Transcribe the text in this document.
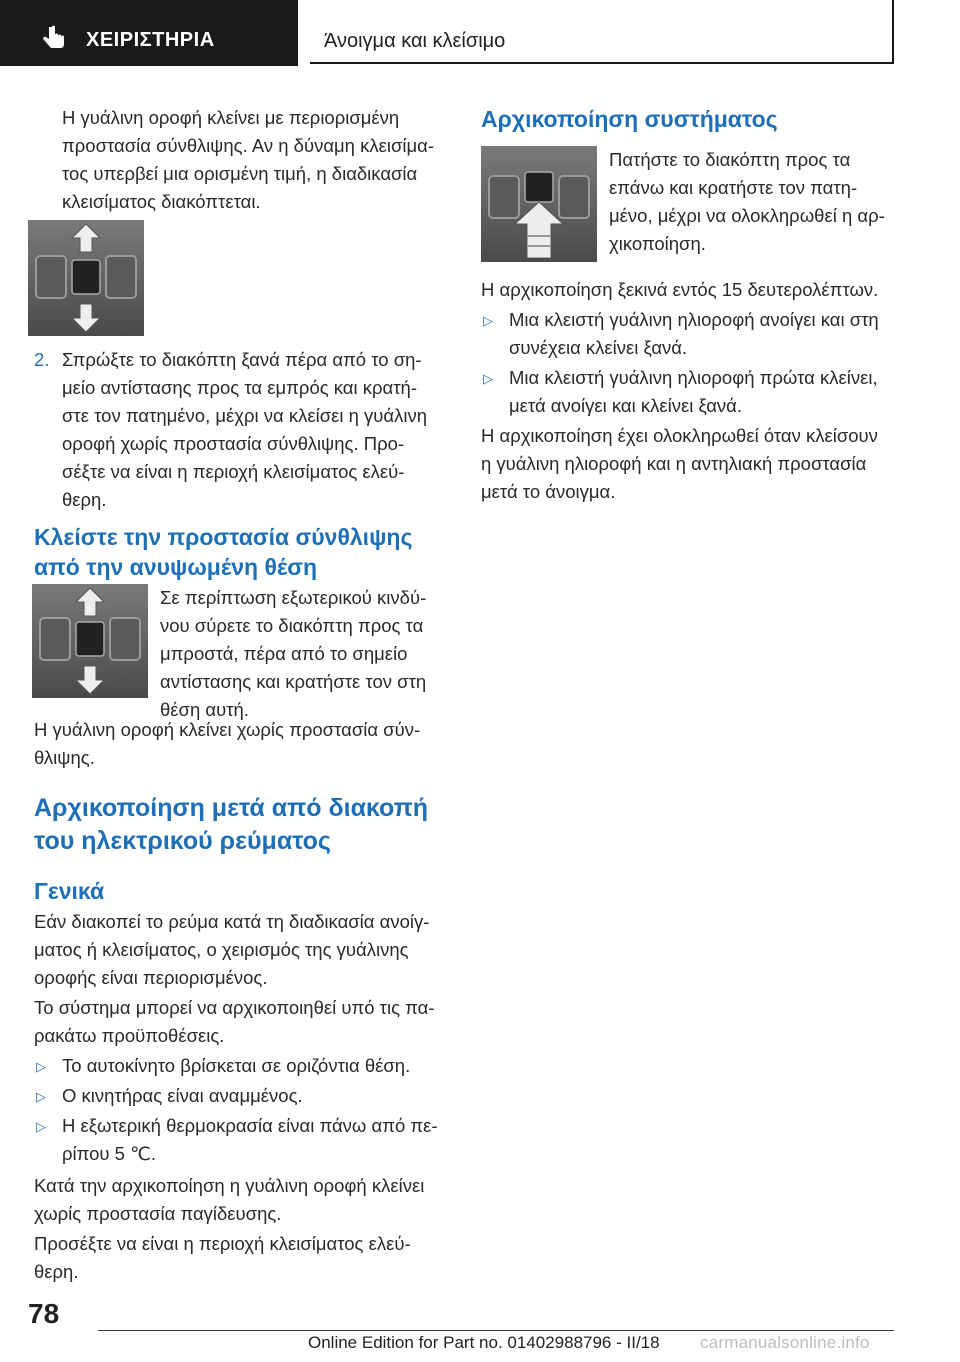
ΧΕΙΡΙΣΤΗΡΙΑ	Άνοιγμα και κλείσιμο

Η γυάλινη οροφή κλείνει με περιορισμένη

προστασία σύνθλιψης. Αν η δύναμη κλεισίμα-

τος υπερβεί μια ορισμένη τιμή, η διαδικασία

κλεισίματος διακόπτεται.

2. Σπρώξτε το διακόπτη ξανά πέρα από το ση-

μείο αντίστασης προς τα εμπρός και κρατή-

στε τον πατημένο, μέχρι να κλείσει η γυάλινη

οροφή χωρίς προστασία σύνθλιψης. Προ-

σέξτε να είναι η περιοχή κλεισίματος ελεύ-

θερη.

Κλείστε την προστασία σύνθλιψης

από την ανυψωμένη θέση

Σε περίπτωση εξωτερικού κινδύ-

νου σύρετε το διακόπτη προς τα

μπροστά, πέρα από το σημείο

αντίστασης και κρατήστε τον στη

θέση αυτή.

Η γυάλινη οροφή κλείνει χωρίς προστασία σύν-

θλιψης.

Αρχικοποίηση μετά από διακοπή

του ηλεκτρικού ρεύματος

Γενικά

Εάν διακοπεί το ρεύμα κατά τη διαδικασία ανοίγ-

ματος ή κλεισίματος, ο χειρισμός της γυάλινης

οροφής είναι περιορισμένος.

Το σύστημα μπορεί να αρχικοποιηθεί υπό τις πα-

ρακάτω προϋποθέσεις.

▷ Το αυτοκίνητο βρίσκεται σε οριζόντια θέση.

▷ Ο κινητήρας είναι αναμμένος.

▷ Η εξωτερική θερμοκρασία είναι πάνω από πε-

ρίπου 5 ℃.

Κατά την αρχικοποίηση η γυάλινη οροφή κλείνει

χωρίς προστασία παγίδευσης.

Προσέξτε να είναι η περιοχή κλεισίματος ελεύ-

θερη.

Αρχικοποίηση συστήματος

Πατήστε το διακόπτη προς τα

επάνω και κρατήστε τον πατη-

μένο, μέχρι να ολοκληρωθεί η αρ-

χικοποίηση.

Η αρχικοποίηση ξεκινά εντός 15 δευτερολέπτων.
▷ Μια κλειστή γυάλινη ηλιοροφή ανοίγει και στη

συνέχεια κλείνει ξανά.

▷ Μια κλειστή γυάλινη ηλιοροφή πρώτα κλείνει,

μετά ανοίγει και κλείνει ξανά.

Η αρχικοποίηση έχει ολοκληρωθεί όταν κλείσουν

η γυάλινη ηλιοροφή και η αντηλιακή προστασία

μετά το άνοιγμα.

78
Online Edition for Part no. 01402988796 - II/18 carmanualsonline.info
